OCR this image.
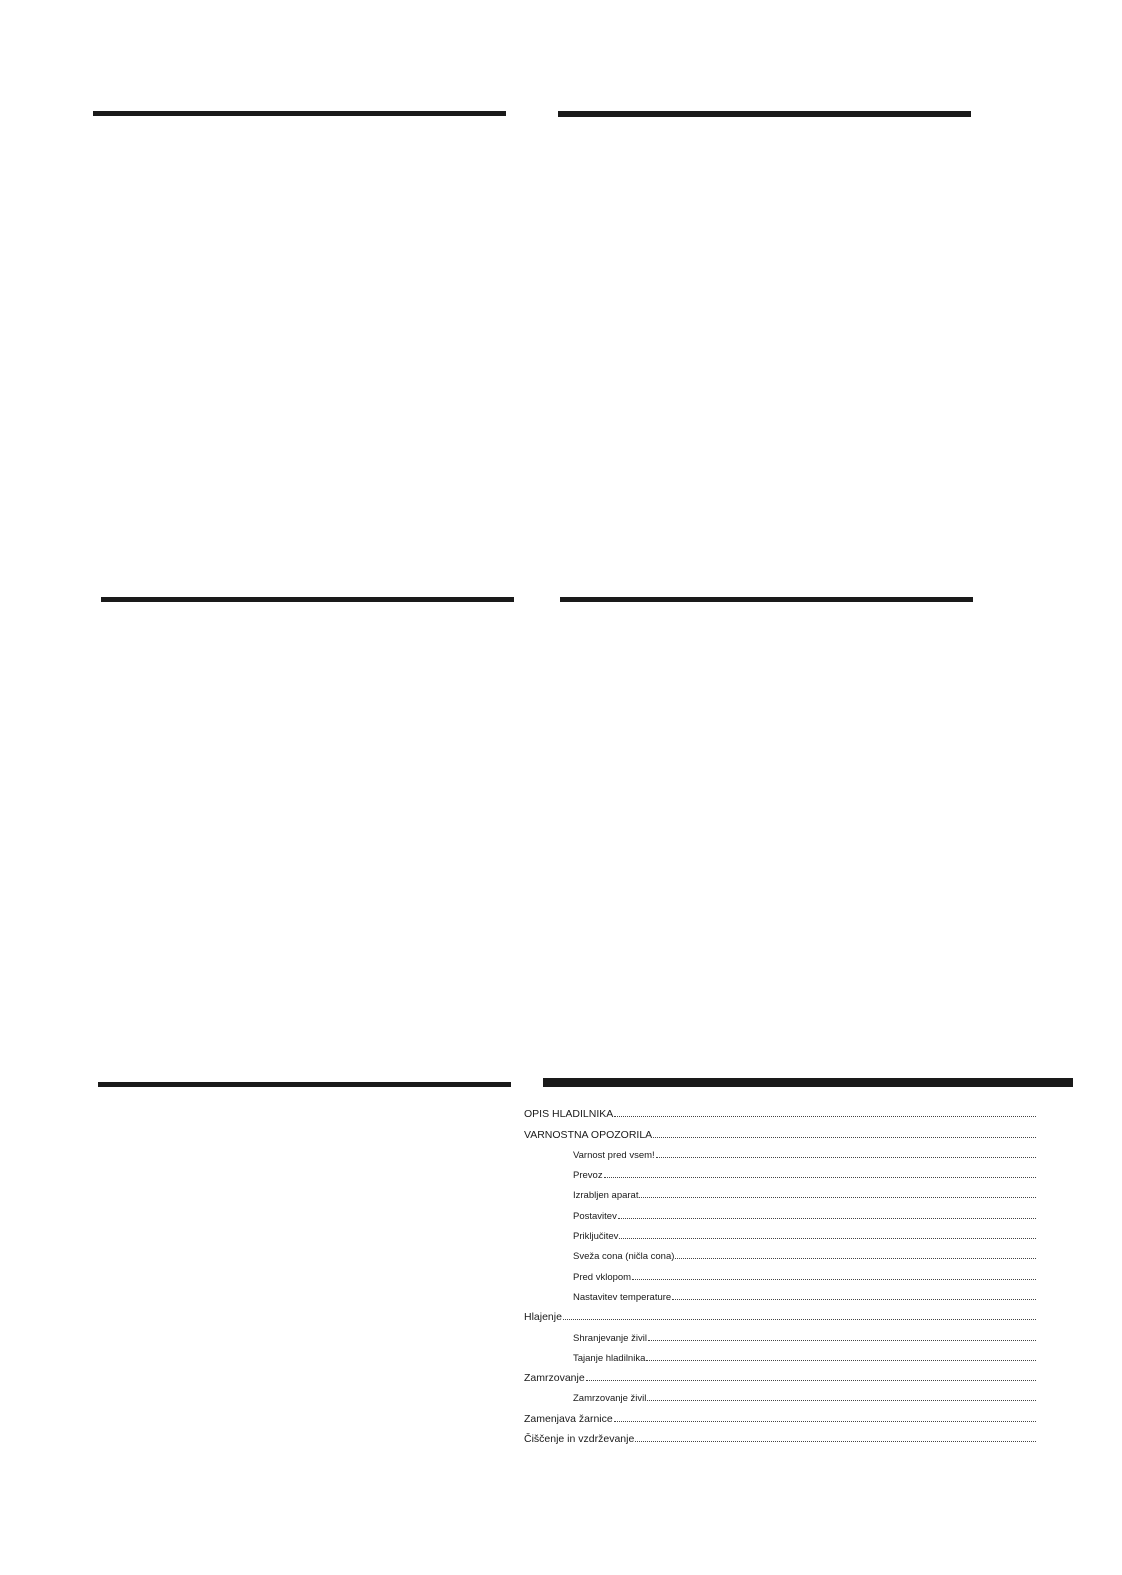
OPIS HLADILNIKA
VARNOSTNA OPOZORILA
Varnost pred vsem!
Prevoz
Izrabljen aparat
Postavitev
Priključitev
Sveža cona (ničla cona)
Pred vklopom
Nastavitev temperature
Hlajenje
Shranjevanje živil
Tajanje hladilnika
Zamrzovanje
Zamrzovanje živil
Zamenjava žarnice
Čiščenje in vzdrževanje
